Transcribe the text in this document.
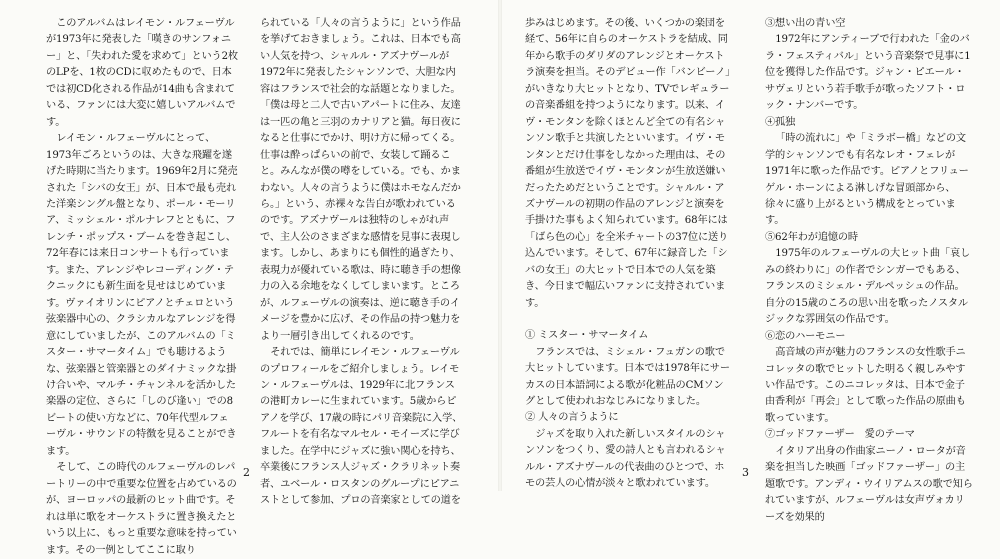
このアルバムはレイモン・ルフェーヴルが1973年に発表した「嘆きのサンフォニー」と、「失われた愛を求めて」という2枚のLPを、1枚のCDに収めたもので、日本では初CD化される作品が14曲も含まれている、ファンには大変に嬉しいアルバムです。

レイモン・ルフェーヴルにとって、1973年ごろというのは、大きな飛躍を遂げた時期に当たります。1969年2月に発売された「シバの女王」が、日本で最も売れた洋楽シングル盤となり、ポール・モーリア、ミッシェル・ポルナレフとともに、フレンチ・ポップス・ブームを巻き起こし、72年春には来日コンサートも行っています。また、アレンジやレコーディング・テクニックにも新生面を見せはじめています。ヴァイオリンにピアノとチェロという弦楽器中心の、クラシカルなアレンジを得意にしていましたが、このアルバムの「ミスター・サマータイム」でも聴けるような、弦楽器と管楽器とのダイナミックな掛け合いや、マルチ・チャンネルを活かした楽器の定位、さらに「しのび逢い」での8ビートの使い方などに、70年代型ルフェーヴル・サウンドの特徴を見ることができます。

そして、この時代のルフェーヴルのレパートリーの中で重要な位置を占めているのが、ヨーロッパの最新のヒット曲です。それは単に歌をオーケストラに置き換えたという以上に、もっと重要な意味を持っています。その一例としてここに取り

られている「人々の言うように」という作品を挙げておきましょう。これは、日本でも高い人気を持つ、シャルル・アズナヴールが1972年に発表したシャンソンで、大胆な内容はフランスで社会的な話題となりました。「僕は母と二人で古いアパートに住み、友達は一匹の亀と三羽のカナリアと猫。毎日夜になると仕事にでかけ、明け方に帰ってくる。仕事は酔っぱらいの前で、女装して踊ること。みんなが僕の噂をしている。でも、かまわない。人々の言うように僕はホモなんだから。」という、赤裸々な告白が歌われているのです。アズナヴールは独特のしゃがれ声で、主人公のさまざまな感情を見事に表現します。しかし、あまりにも個性的過ぎたり、表現力が優れている歌は、時に聴き手の想像力の入る余地をなくしてしまいます。ところが、ルフェーヴルの演奏は、逆に聴き手のイメージを豊かに広げ、その作品の持つ魅力をより一層引き出してくれるのです。

それでは、簡単にレイモン・ルフェーヴルのプロフィールをご紹介しましょう。レイモン・ルフェーヴルは、1929年に北フランスの港町カレーに生まれています。5歳からピアノを学び、17歳の時にパリ音楽院に入学、フルートを有名なマルセル・モイーズに学びました。在学中にジャズに強い関心を持ち、卒業後にフランス人ジャズ・クラリネット奏者、ユベール・ロスタンのグループにピアニストとして参加、プロの音楽家としての道を

2

歩みはじめます。その後、いくつかの楽団を経て、56年に自らのオーケストラを結成、同年から歌手のダリダのアレンジとオーケストラ演奏を担当。そのデビュー作「バンビーノ」がいきなり大ヒットとなり、TVでレギュラーの音楽番組を持つようになります。以来、イヴ・モンタンを除くほとんど全ての有名シャンソン歌手と共演したといいます。イヴ・モンタンとだけ仕事をしなかった理由は、その番組が生放送でイヴ・モンタンが生放送嫌いだったためだということです。シャルル・アズナヴールの初期の作品のアレンジと演奏を手掛けた事もよく知られています。68年には「ばら色の心」を全米チャートの37位に送り込んでいます。そして、67年に録音した「シバの女王」の大ヒットで日本での人気を築き、今日まで幅広いファンに支持されています。

① ミスター・サマータイム

フランスでは、ミシェル・フュガンの歌で大ヒットしています。日本では1978年にサーカスの日本語詞による歌が化粧品のCMソングとして使われおなじみになりました。

② 人々の言うように

ジャズを取り入れた新しいスタイルのシャンソンをつくり、愛の詩人とも言われるシャルル・アズナヴールの代表曲のひとつで、ホモの芸人の心情が淡々と歌われています。

③想い出の青い空

1972年にアンティーブで行われた「金のバラ・フェスティバル」という音楽祭で見事に1位を獲得した作品です。ジャン・ピエール・サヴェリという若手歌手が歌ったソフト・ロック・ナンバーです。

④孤独

「時の流れに」や「ミラボー橋」などの文学的シャンソンでも有名なレオ・フェレが1971年に歌った作品です。ピアノとフリューゲル・ホーンによる淋しげな冒頭部から、徐々に盛り上がるという構成をとっています。

⑤62年わが追憶の時

1975年のルフェーヴルの大ヒット曲「哀しみの終わりに」の作者でシンガーでもある、フランスのミシェル・デルペッシュの作品。自分の15歳のころの思い出を歌ったノスタルジックな雰囲気の作品です。

⑥恋のハーモニー

高音域の声が魅力のフランスの女性歌手ニコレッタの歌でヒットした明るく親しみやすい作品です。このニコレッタは、日本で金子由香利が「再会」として歌った作品の原曲も歌っています。

⑦ゴッドファーザー　愛のテーマ

イタリア出身の作曲家ニーノ・ロータが音楽を担当した映画「ゴッドファーザー」の主題歌です。アンディ・ウイリアムスの歌で知られていますが、ルフェーヴルは女声ヴォカリーズを効果的

3
